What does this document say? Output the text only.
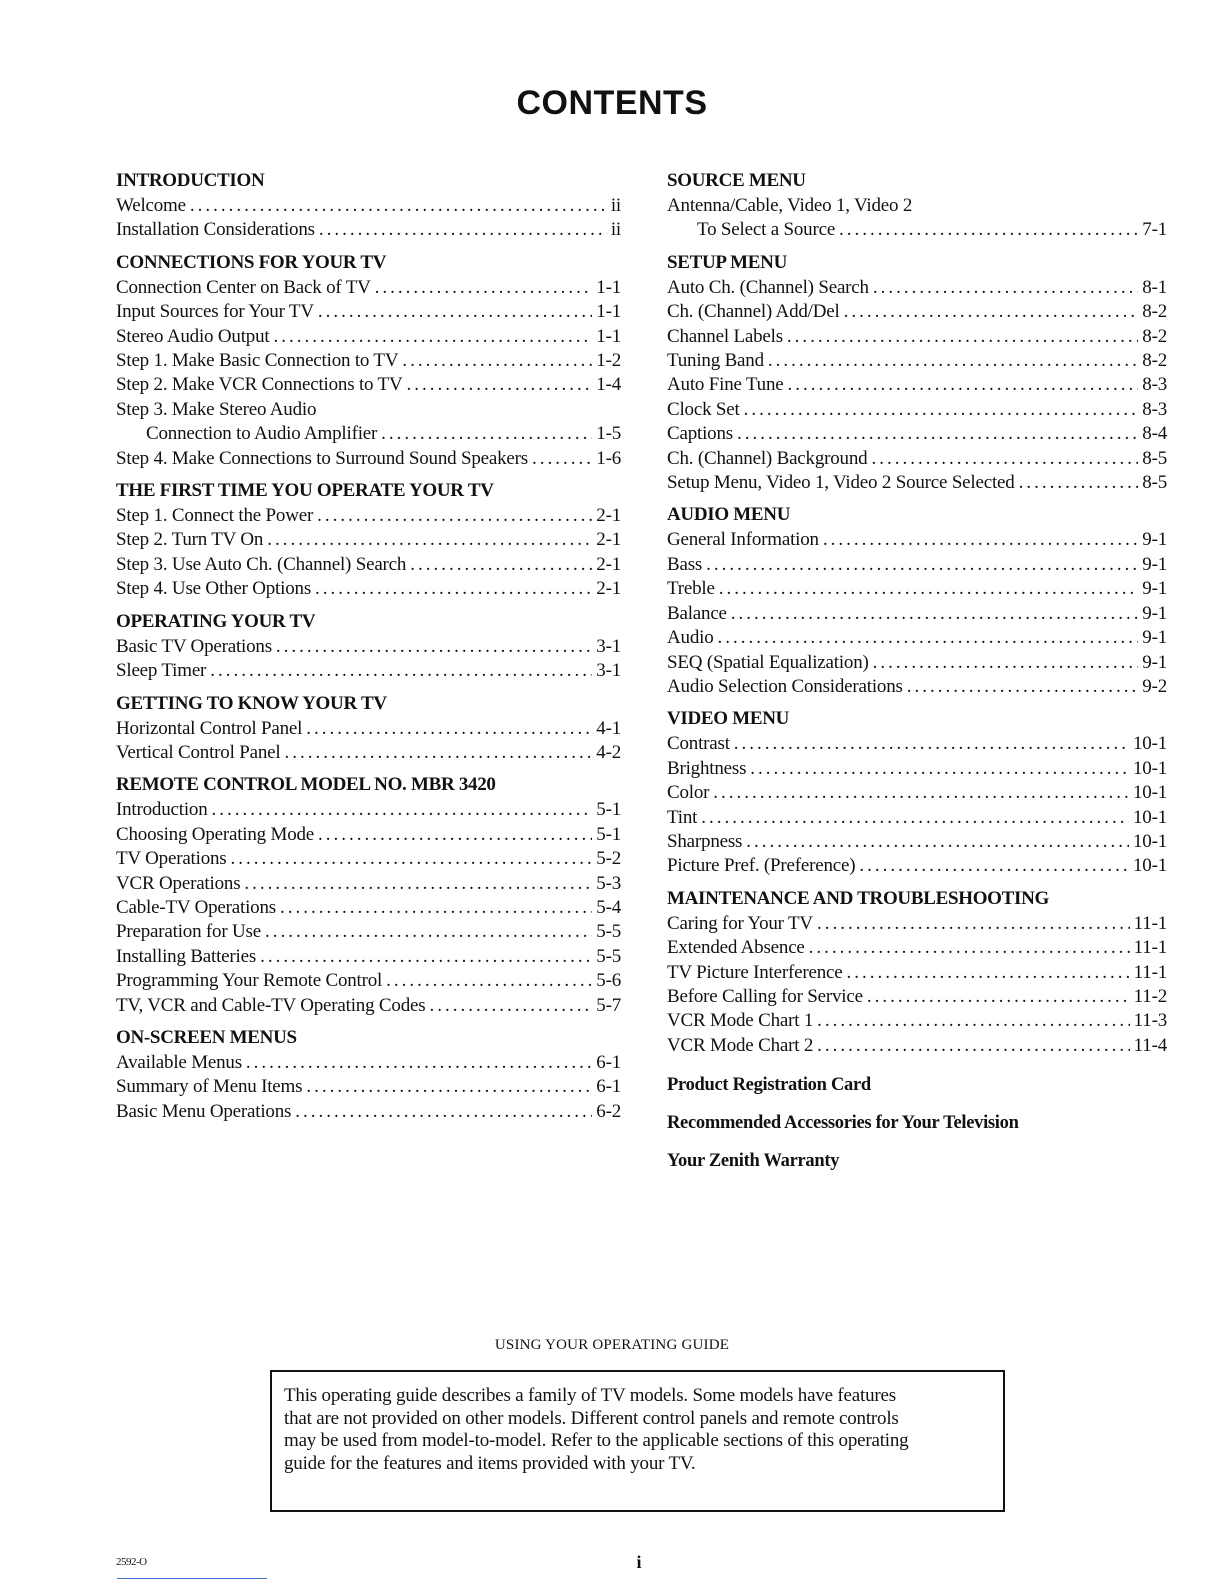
CONTENTS
INTRODUCTION
Welcome .....	ii
Installation Considerations .....	ii
CONNECTIONS FOR YOUR TV
Connection Center on Back of TV .....	1-1
Input Sources for Your TV .....	1-1
Stereo Audio Output .....	1-1
Step 1. Make Basic Connection to TV .....	1-2
Step 2. Make VCR Connections to TV .....	1-4
Step 3. Make Stereo Audio
Connection to Audio Amplifier .....	1-5
Step 4. Make Connections to Surround Sound Speakers .....	1-6
THE FIRST TIME YOU OPERATE YOUR TV
Step 1. Connect the Power .....	2-1
Step 2. Turn TV On .....	2-1
Step 3. Use Auto Ch. (Channel) Search .....	2-1
Step 4. Use Other Options .....	2-1
OPERATING YOUR TV
Basic TV Operations .....	3-1
Sleep Timer .....	3-1
GETTING TO KNOW YOUR TV
Horizontal Control Panel .....	4-1
Vertical Control Panel .....	4-2
REMOTE CONTROL MODEL NO. MBR 3420
Introduction .....	5-1
Choosing Operating Mode .....	5-1
TV Operations .....	5-2
VCR Operations .....	5-3
Cable-TV Operations .....	5-4
Preparation for Use .....	5-5
Installing Batteries .....	5-5
Programming Your Remote Control .....	5-6
TV, VCR and Cable-TV Operating Codes .....	5-7
ON-SCREEN MENUS
Available Menus .....	6-1
Summary of Menu Items .....	6-1
Basic Menu Operations .....	6-2
SOURCE MENU
Antenna/Cable, Video 1, Video 2
To Select a Source .....	7-1
SETUP MENU
Auto Ch. (Channel) Search .....	8-1
Ch. (Channel) Add/Del .....	8-2
Channel Labels .....	8-2
Tuning Band .....	8-2
Auto Fine Tune .....	8-3
Clock Set .....	8-3
Captions .....	8-4
Ch. (Channel) Background .....	8-5
Setup Menu, Video 1, Video 2 Source Selected .....	8-5
AUDIO MENU
General Information .....	9-1
Bass .....	9-1
Treble .....	9-1
Balance .....	9-1
Audio .....	9-1
SEQ (Spatial Equalization) .....	9-1
Audio Selection Considerations .....	9-2
VIDEO MENU
Contrast .....	10-1
Brightness .....	10-1
Color .....	10-1
Tint .....	10-1
Sharpness .....	10-1
Picture Pref. (Preference) .....	10-1
MAINTENANCE AND TROUBLESHOOTING
Caring for Your TV .....	11-1
Extended Absence .....	11-1
TV Picture Interference .....	11-1
Before Calling for Service .....	11-2
VCR Mode Chart 1 .....	11-3
VCR Mode Chart 2 .....	11-4
Product Registration Card
Recommended Accessories for Your Television
Your Zenith Warranty
USING YOUR OPERATING GUIDE
This operating guide describes a family of TV models. Some models have features
that are not provided on other models. Different control panels and remote controls
may be used from model-to-model. Refer to the applicable sections of this operating
guide for the features and items provided with your TV.
2592-O	i
